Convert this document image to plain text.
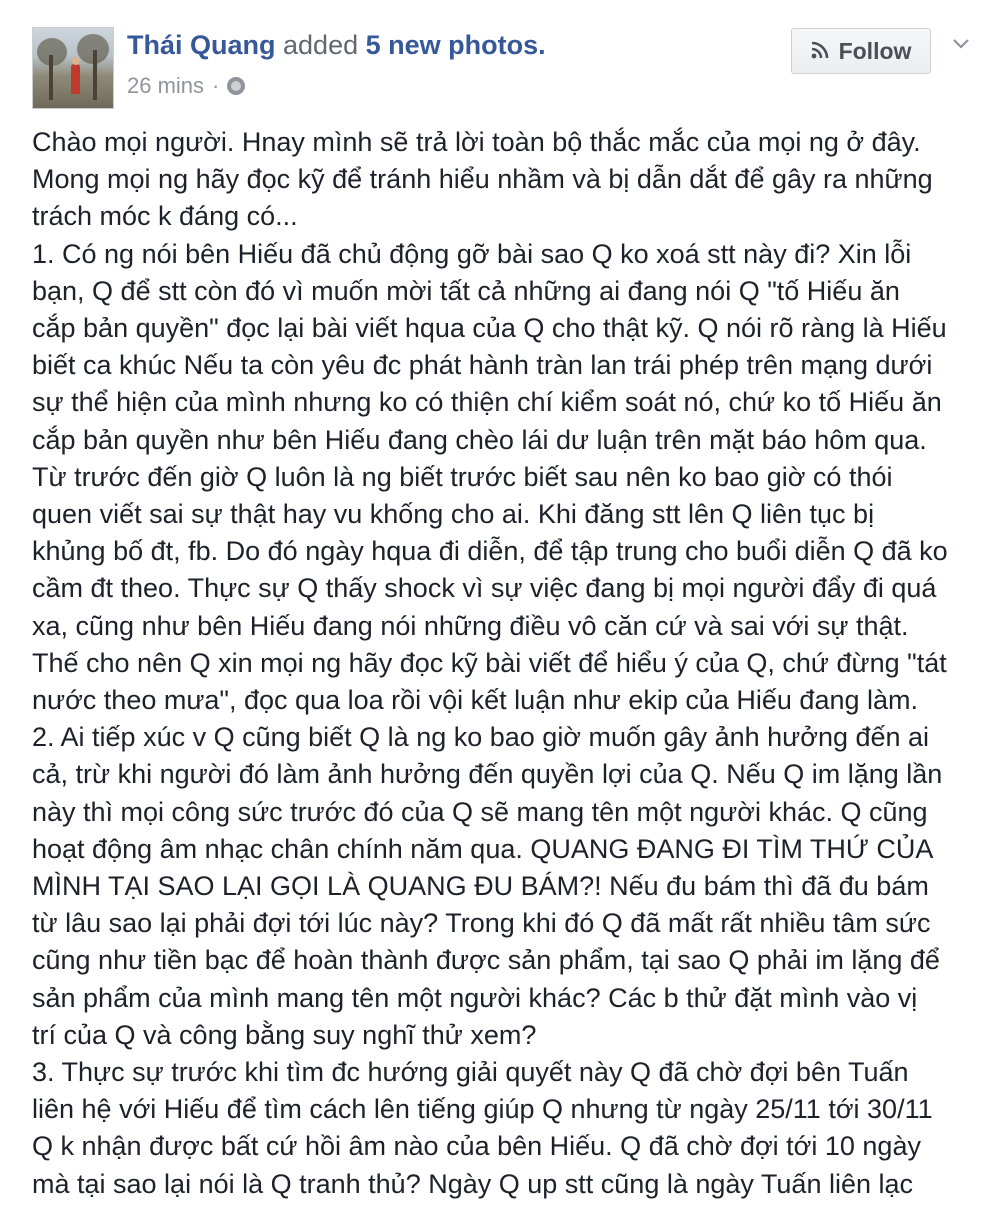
Thái Quang added 5 new photos.
26 mins ·
Follow

Chào mọi người. Hnay mình sẽ trả lời toàn bộ thắc mắc của mọi ng ở đây.

Mong mọi ng hãy đọc kỹ để tránh hiểu nhầm và bị dẫn dắt để gây ra những

trách móc k đáng có...

1. Có ng nói bên Hiếu đã chủ động gỡ bài sao Q ko xoá stt này đi? Xin lỗi

bạn, Q để stt còn đó vì muốn mời tất cả những ai đang nói Q "tố Hiếu ăn

cắp bản quyền" đọc lại bài viết hqua của Q cho thật kỹ. Q nói rõ ràng là Hiếu

biết ca khúc Nếu ta còn yêu đc phát hành tràn lan trái phép trên mạng dưới

sự thể hiện của mình nhưng ko có thiện chí kiểm soát nó, chứ ko tố Hiếu ăn

cắp bản quyền như bên Hiếu đang chèo lái dư luận trên mặt báo hôm qua.

Từ trước đến giờ Q luôn là ng biết trước biết sau nên ko bao giờ có thói

quen viết sai sự thật hay vu khống cho ai. Khi đăng stt lên Q liên tục bị

khủng bố đt, fb. Do đó ngày hqua đi diễn, để tập trung cho buổi diễn Q đã ko

cầm đt theo. Thực sự Q thấy shock vì sự việc đang bị mọi người đẩy đi quá

xa, cũng như bên Hiếu đang nói những điều vô căn cứ và sai với sự thật.

Thế cho nên Q xin mọi ng hãy đọc kỹ bài viết để hiểu ý của Q, chứ đừng "tát

nước theo mưa", đọc qua loa rồi vội kết luận như ekip của Hiếu đang làm.

2. Ai tiếp xúc v Q cũng biết Q là ng ko bao giờ muốn gây ảnh hưởng đến ai

cả, trừ khi người đó làm ảnh hưởng đến quyền lợi của Q. Nếu Q im lặng lần

này thì mọi công sức trước đó của Q sẽ mang tên một người khác. Q cũng

hoạt động âm nhạc chân chính năm qua. QUANG ĐANG ĐI TÌM THỨ CỦA

MÌNH TẠI SAO LẠI GỌI LÀ QUANG ĐU BÁM?! Nếu đu bám thì đã đu bám

từ lâu sao lại phải đợi tới lúc này? Trong khi đó Q đã mất rất nhiều tâm sức

cũng như tiền bạc để hoàn thành được sản phẩm, tại sao Q phải im lặng để

sản phẩm của mình mang tên một người khác? Các b thử đặt mình vào vị

trí của Q và công bằng suy nghĩ thử xem?

3. Thực sự trước khi tìm đc hướng giải quyết này Q đã chờ đợi bên Tuấn

liên hệ với Hiếu để tìm cách lên tiếng giúp Q nhưng từ ngày 25/11 tới 30/11

Q k nhận được bất cứ hồi âm nào của bên Hiếu. Q đã chờ đợi tới 10 ngày

mà tại sao lại nói là Q tranh thủ? Ngày Q up stt cũng là ngày Tuấn liên lạc
